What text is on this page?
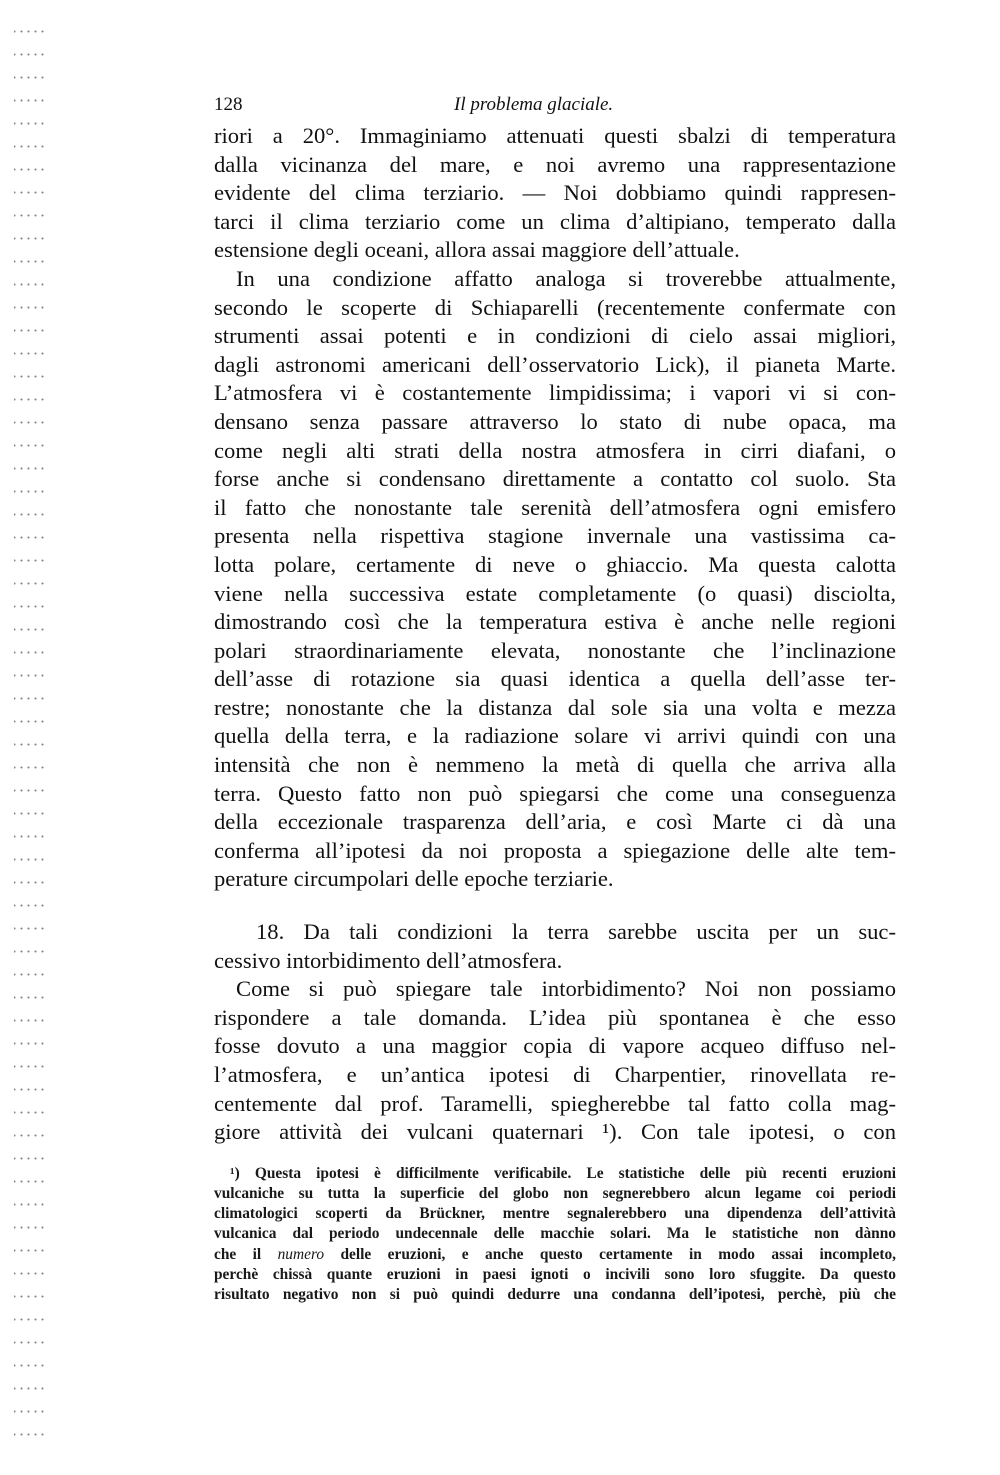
128	Il problema glaciale.
riori a 20°. Immaginiamo attenuati questi sbalzi di temperatura
dalla vicinanza del mare, e noi avremo una rappresentazione
evidente del clima terziario. — Noi dobbiamo quindi rappresen-
tarci il clima terziario come un clima d’altipiano, temperato dalla
estensione degli oceani, allora assai maggiore dell’attuale.
In una condizione affatto analoga si troverebbe attualmente,
secondo le scoperte di Schiaparelli (recentemente confermate con
strumenti assai potenti e in condizioni di cielo assai migliori,
dagli astronomi americani dell’osservatorio Lick), il pianeta Marte.
L’atmosfera vi è costantemente limpidissima; i vapori vi si con-
densano senza passare attraverso lo stato di nube opaca, ma
come negli alti strati della nostra atmosfera in cirri diafani, o
forse anche si condensano direttamente a contatto col suolo. Sta
il fatto che nonostante tale serenità dell’atmosfera ogni emisfero
presenta nella rispettiva stagione invernale una vastissima ca-
lotta polare, certamente di neve o ghiaccio. Ma questa calotta
viene nella successiva estate completamente (o quasi) disciolta,
dimostrando così che la temperatura estiva è anche nelle regioni
polari straordinariamente elevata, nonostante che l’inclinazione
dell’asse di rotazione sia quasi identica a quella dell’asse ter-
restre; nonostante che la distanza dal sole sia una volta e mezza
quella della terra, e la radiazione solare vi arrivi quindi con una
intensità che non è nemmeno la metà di quella che arriva alla
terra. Questo fatto non può spiegarsi che come una conseguenza
della eccezionale trasparenza dell’aria, e così Marte ci dà una
conferma all’ipotesi da noi proposta a spiegazione delle alte tem-
perature circumpolari delle epoche terziarie.
18. Da tali condizioni la terra sarebbe uscita per un suc-
cessivo intorbidimento dell’atmosfera.
Come si può spiegare tale intorbidimento? Noi non possiamo
rispondere a tale domanda. L’idea più spontanea è che esso
fosse dovuto a una maggior copia di vapore acqueo diffuso nel-
l’atmosfera, e un’antica ipotesi di Charpentier, rinovellata re-
centemente dal prof. Taramelli, spiegherebbe tal fatto colla mag-
giore attività dei vulcani quaternari ¹). Con tale ipotesi, o con
¹) Questa ipotesi è difficilmente verificabile. Le statistiche delle più recenti eruzioni
vulcaniche su tutta la superficie del globo non segnerebbero alcun legame coi periodi
climatologici scoperti da Brückner, mentre segnalerebbero una dipendenza dell’attività
vulcanica dal periodo undecennale delle macchie solari. Ma le statistiche non dànno
che il numero delle eruzioni, e anche questo certamente in modo assai incompleto,
perchè chissà quante eruzioni in paesi ignoti o incivili sono loro sfuggite. Da questo
risultato negativo non si può quindi dedurre una condanna dell’ipotesi, perchè, più che
